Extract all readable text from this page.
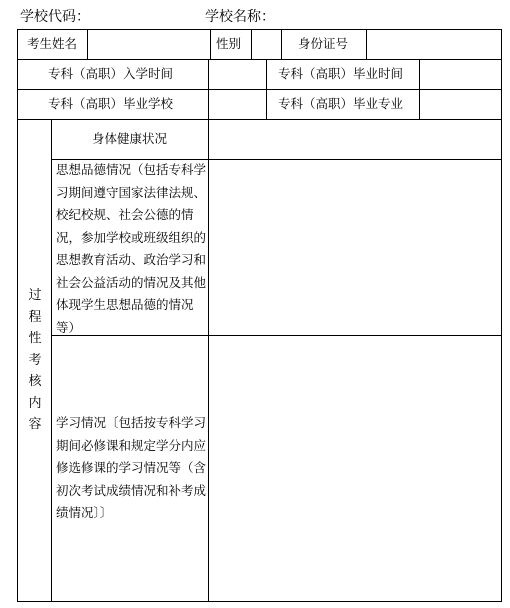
学校代码：	学校名称：
考生姓名	性别	身份证号
专科（高职）入学时间	专科（高职）毕业时间
专科（高职）毕业学校	专科（高职）毕业专业
过程性考核内容
身体健康状况
思想品德情况（包括专科学习期间遵守国家法律法规、校纪校规、社会公德的情况，参加学校或班级组织的思想教育活动、政治学习和社会公益活动的情况及其他体现学生思想品德的情况等）
学习情况〔包括按专科学习期间必修课和规定学分内应修选修课的学习情况等（含初次考试成绩情况和补考成绩情况〕〕
